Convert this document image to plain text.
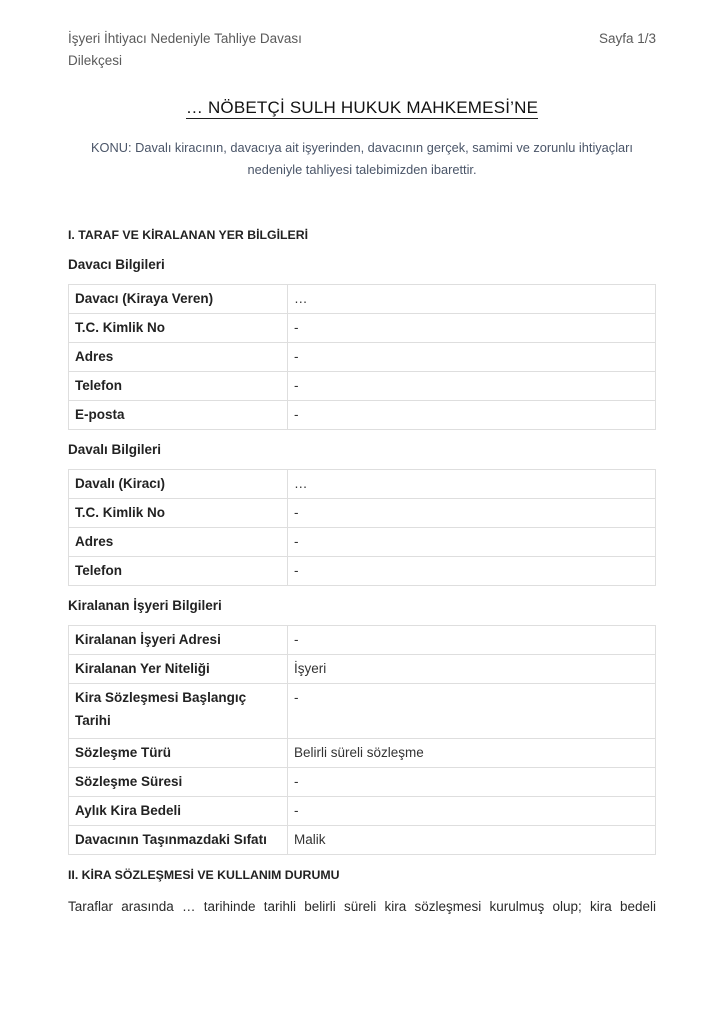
İşyeri İhtiyacı Nedeniyle Tahliye Davası Dilekçesi
Sayfa 1/3
… NÖBETÇİ SULH HUKUK MAHKEMESİ’NE
KONU: Davalı kiracının, davacıya ait işyerinden, davacının gerçek, samimi ve zorunlu ihtiyaçları nedeniyle tahliyesi talebimizden ibarettir.
I. TARAF VE KİRALANAN YER BİLGİLERİ
Davacı Bilgileri
Davacı (Kiraya Veren)	…
T.C. Kimlik No	-
Adres	-
Telefon	-
E-posta	-
Davalı Bilgileri
Davalı (Kiracı)	…
T.C. Kimlik No	-
Adres	-
Telefon	-
Kiralanan İşyeri Bilgileri
Kiralanan İşyeri Adresi	-
Kiralanan Yer Niteliği	İşyeri
Kira Sözleşmesi Başlangıç Tarihi	-
Sözleşme Türü	Belirli süreli sözleşme
Sözleşme Süresi	-
Aylık Kira Bedeli	-
Davacının Taşınmazdaki Sıfatı	Malik
II. KİRA SÖZLEŞMESİ VE KULLANIM DURUMU
Taraflar arasında … tarihinde tarihli belirli süreli kira sözleşmesi kurulmuş olup; kira bedeli
